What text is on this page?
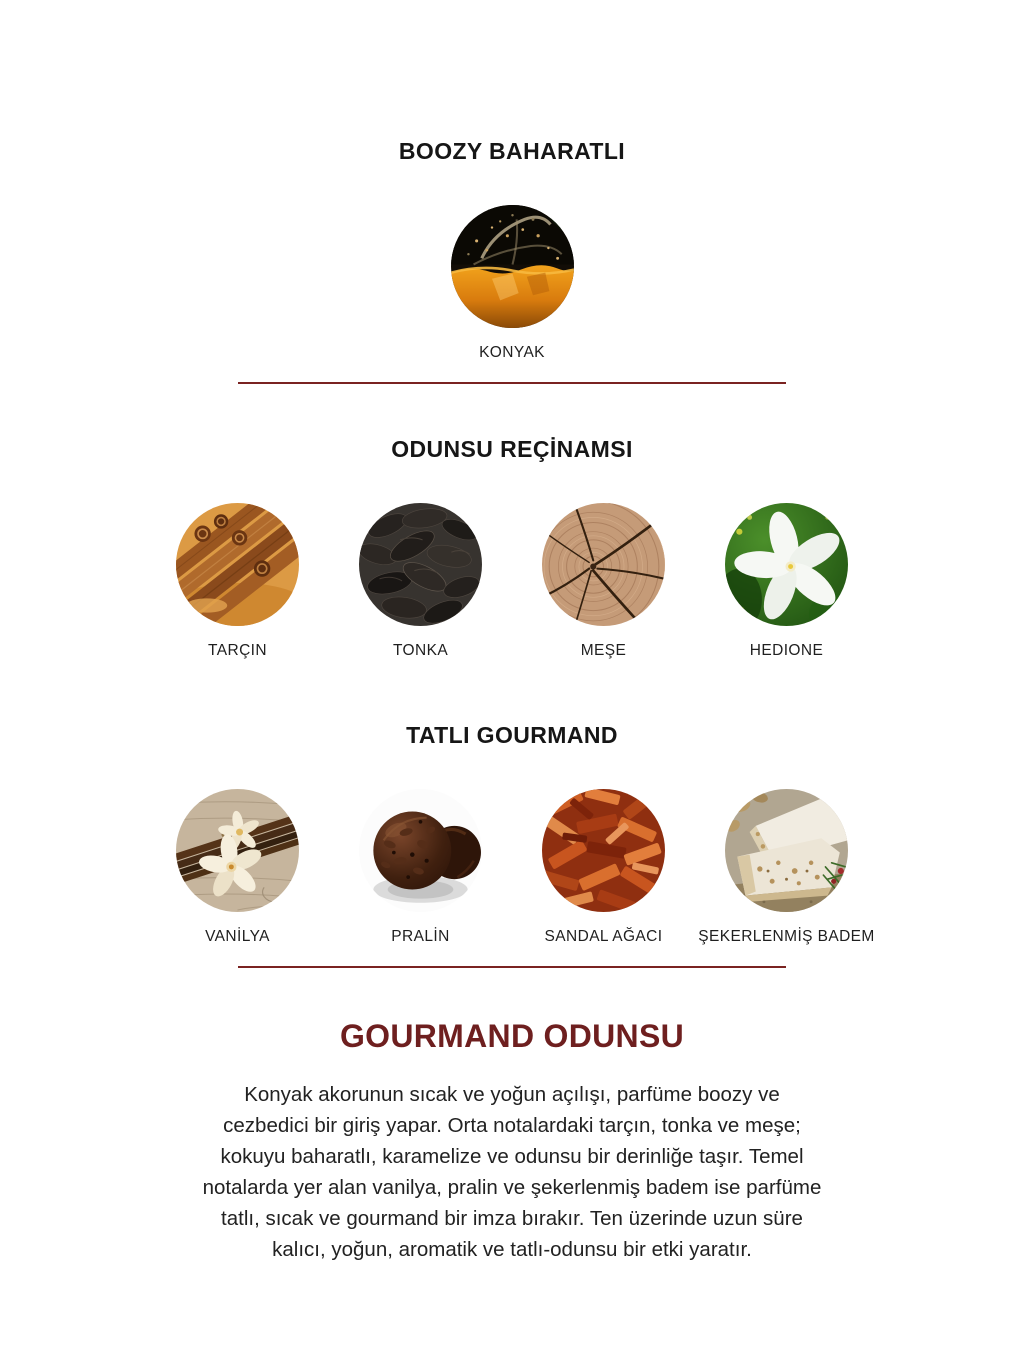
BOOZY BAHARATLI
KONYAK
ODUNSU REÇİNAMSI
TARÇIN	TONKA	MEŞE	HEDIONE
TATLI GOURMAND
VANİLYA	PRALİN	SANDAL AĞACI ŞEKERLENMİŞ BADEM
GOURMAND ODUNSU

Konyak akorunun sıcak ve yoğun açılışı, parfüme boozy ve cezbedici bir giriş yapar. Orta notalardaki tarçın, tonka ve meşe; kokuyu baharatlı, karamelize ve odunsu bir derinliğe taşır. Temel notalarda yer alan vanilya, pralin ve şekerlenmiş badem ise parfüme tatlı, sıcak ve gourmand bir imza bırakır. Ten üzerinde uzun süre kalıcı, yoğun, aromatik ve tatlı-odunsu bir etki yaratır.
